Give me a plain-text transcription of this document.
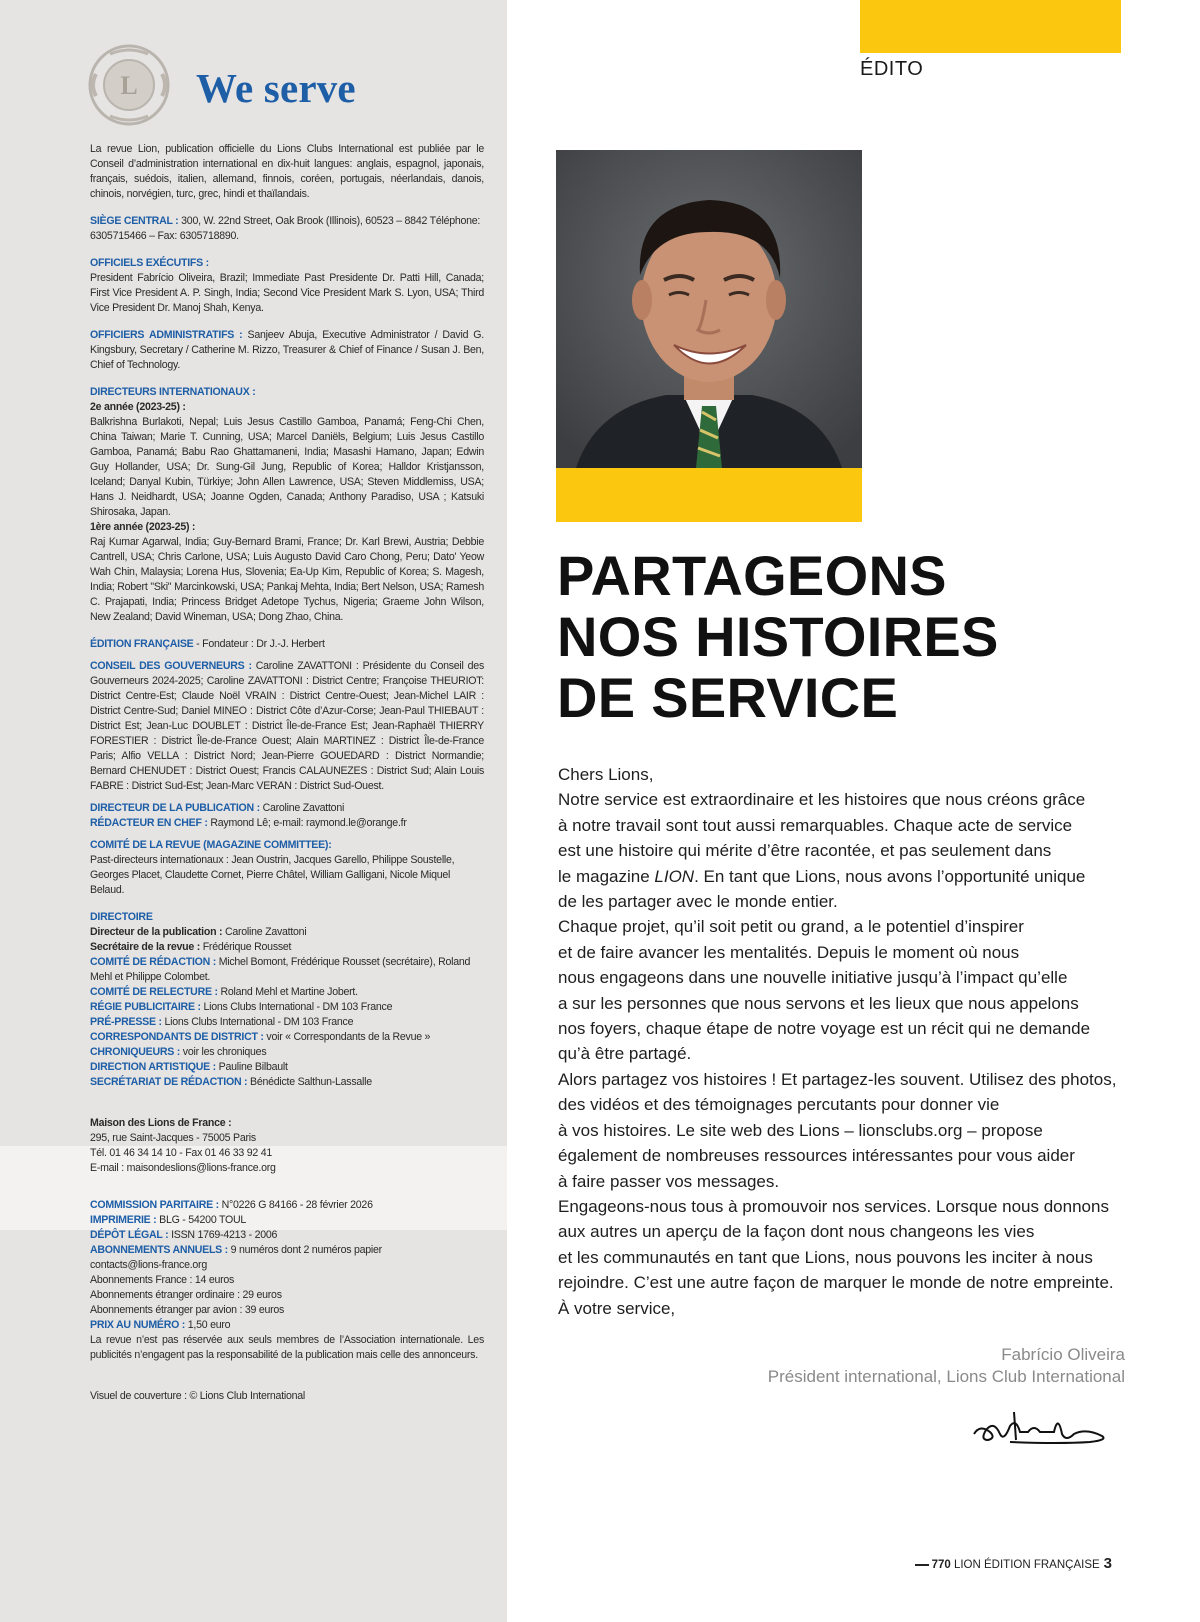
L We serve

La revue Lion, publication officielle du Lions Clubs International est publiée par le Conseil d’administration international en dix-huit langues: anglais, espagnol, japonais, français, suédois, italien, allemand, finnois, coréen, portugais, néerlandais, danois, chinois, norvégien, turc, grec, hindi et thaïlandais.

SIÈGE CENTRAL : 300, W. 22nd Street, Oak Brook (Illinois), 60523 – 8842 Téléphone: 6305715466 – Fax: 6305718890.

OFFICIELS EXÉCUTIFS :

President Fabrício Oliveira, Brazil; Immediate Past Presidente Dr. Patti Hill, Canada; First Vice President A. P. Singh, India; Second Vice President Mark S. Lyon, USA; Third Vice President Dr. Manoj Shah, Kenya.

OFFICIERS ADMINISTRATIFS : Sanjeev Abuja, Executive Administrator / David G. Kingsbury, Secretary / Catherine M. Rizzo, Treasurer & Chief of Finance / Susan J. Ben, Chief of Technology.

DIRECTEURS INTERNATIONAUX :

2e année (2023-25) :

Balkrishna Burlakoti, Nepal; Luis Jesus Castillo Gamboa, Panamá; Feng-Chi Chen, China Taiwan; Marie T. Cunning, USA; Marcel Daniëls, Belgium; Luis Jesus Castillo Gamboa, Panamá; Babu Rao Ghattamaneni, India; Masashi Hamano, Japan; Edwin Guy Hollander, USA; Dr. Sung-Gil Jung, Republic of Korea; Halldor Kristjansson, Iceland; Danyal Kubin, Türkiye; John Allen Lawrence, USA; Steven Middlemiss, USA; Hans J. Neidhardt, USA; Joanne Ogden, Canada; Anthony Paradiso, USA ; Katsuki Shirosaka, Japan.

1ère année (2023-25) :

Raj Kumar Agarwal, India; Guy-Bernard Brami, France; Dr. Karl Brewi, Austria; Debbie Cantrell, USA; Chris Carlone, USA; Luis Augusto David Caro Chong, Peru; Dato' Yeow Wah Chin, Malaysia; Lorena Hus, Slovenia; Ea-Up Kim, Republic of Korea; S. Magesh, India; Robert "Ski" Marcinkowski, USA; Pankaj Mehta, India; Bert Nelson, USA; Ramesh C. Prajapati, India; Princess Bridget Adetope Tychus, Nigeria; Graeme John Wilson, New Zealand; David Wineman, USA; Dong Zhao, China.

ÉDITION FRANÇAISE - Fondateur : Dr J.-J. Herbert

CONSEIL DES GOUVERNEURS : Caroline ZAVATTONI : Présidente du Conseil des Gouverneurs 2024-2025; Caroline ZAVATTONI : District Centre; Françoise THEURIOT: District Centre-Est; Claude Noël VRAIN : District Centre-Ouest; Jean-Michel LAIR : District Centre-Sud; Daniel MINEO : District Côte d’Azur-Corse; Jean-Paul THIEBAUT : District Est; Jean-Luc DOUBLET : District Île-de-France Est; Jean-Raphaël THIERRY FORESTIER : District Île-de-France Ouest; Alain MARTINEZ : District Île-de-France Paris; Alfio VELLA : District Nord; Jean-Pierre GOUEDARD : District Normandie; Bernard CHENUDET : District Ouest; Francis CALAUNEZES : District Sud; Alain Louis FABRE : District Sud-Est; Jean-Marc VERAN : District Sud-Ouest.

DIRECTEUR DE LA PUBLICATION : Caroline Zavattoni

RÉDACTEUR EN CHEF : Raymond Lê; e-mail: raymond.le@orange.fr

COMITÉ DE LA REVUE (MAGAZINE COMMITTEE):

Past-directeurs internationaux : Jean Oustrin, Jacques Garello, Philippe Soustelle, Georges Placet, Claudette Cornet, Pierre Châtel, William Galligani, Nicole Miquel Belaud.

DIRECTOIRE

Directeur de la publication : Caroline Zavattoni

Secrétaire de la revue : Frédérique Rousset

COMITÉ DE RÉDACTION : Michel Bomont, Frédérique Rousset (secrétaire), Roland Mehl et Philippe Colombet.

COMITÉ DE RELECTURE : Roland Mehl et Martine Jobert.

RÉGIE PUBLICITAIRE : Lions Clubs International - DM 103 France

PRÉ-PRESSE : Lions Clubs International - DM 103 France

CORRESPONDANTS DE DISTRICT : voir « Correspondants de la Revue »

CHRONIQUEURS : voir les chroniques

DIRECTION ARTISTIQUE : Pauline Bilbault

SECRÉTARIAT DE RÉDACTION : Bénédicte Salthun-Lassalle

Maison des Lions de France :

295, rue Saint-Jacques - 75005 Paris

Tél. 01 46 34 14 10 - Fax 01 46 33 92 41

E-mail : maisondeslions@lions-france.org

COMMISSION PARITAIRE : N°0226 G 84166 - 28 février 2026

IMPRIMERIE : BLG - 54200 TOUL

DÉPÔT LÉGAL : ISSN 1769-4213 - 2006

ABONNEMENTS ANNUELS : 9 numéros dont 2 numéros papier

contacts@lions-france.org

Abonnements France : 14 euros

Abonnements étranger ordinaire : 29 euros

Abonnements étranger par avion : 39 euros

PRIX AU NUMÉRO : 1,50 euro

La revue n’est pas réservée aux seuls membres de l’Association internationale. Les publicités n’engagent pas la responsabilité de la publication mais celle des annonceurs.

Visuel de couverture : © Lions Club International

ÉDITO
PARTAGEONS
NOS HISTOIRES
DE SERVICE

Chers Lions,

Notre service est extraordinaire et les histoires que nous créons grâce

à notre travail sont tout aussi remarquables. Chaque acte de service

est une histoire qui mérite d’être racontée, et pas seulement dans

le magazine LION. En tant que Lions, nous avons l’opportunité unique

de les partager avec le monde entier.

Chaque projet, qu’il soit petit ou grand, a le potentiel d’inspirer

et de faire avancer les mentalités. Depuis le moment où nous

nous engageons dans une nouvelle initiative jusqu’à l’impact qu’elle

a sur les personnes que nous servons et les lieux que nous appelons

nos foyers, chaque étape de notre voyage est un récit qui ne demande

qu’à être partagé.

Alors partagez vos histoires ! Et partagez-les souvent. Utilisez des photos,

des vidéos et des témoignages percutants pour donner vie

à vos histoires. Le site web des Lions – lionsclubs.org – propose

également de nombreuses ressources intéressantes pour vous aider

à faire passer vos messages.

Engageons-nous tous à promouvoir nos services. Lorsque nous donnons

aux autres un aperçu de la façon dont nous changeons les vies

et les communautés en tant que Lions, nous pouvons les inciter à nous

rejoindre. C’est une autre façon de marquer le monde de notre empreinte.

À votre service,

Fabrício Oliveira
Président international, Lions Club International
770 LION ÉDITION FRANÇAISE 3
